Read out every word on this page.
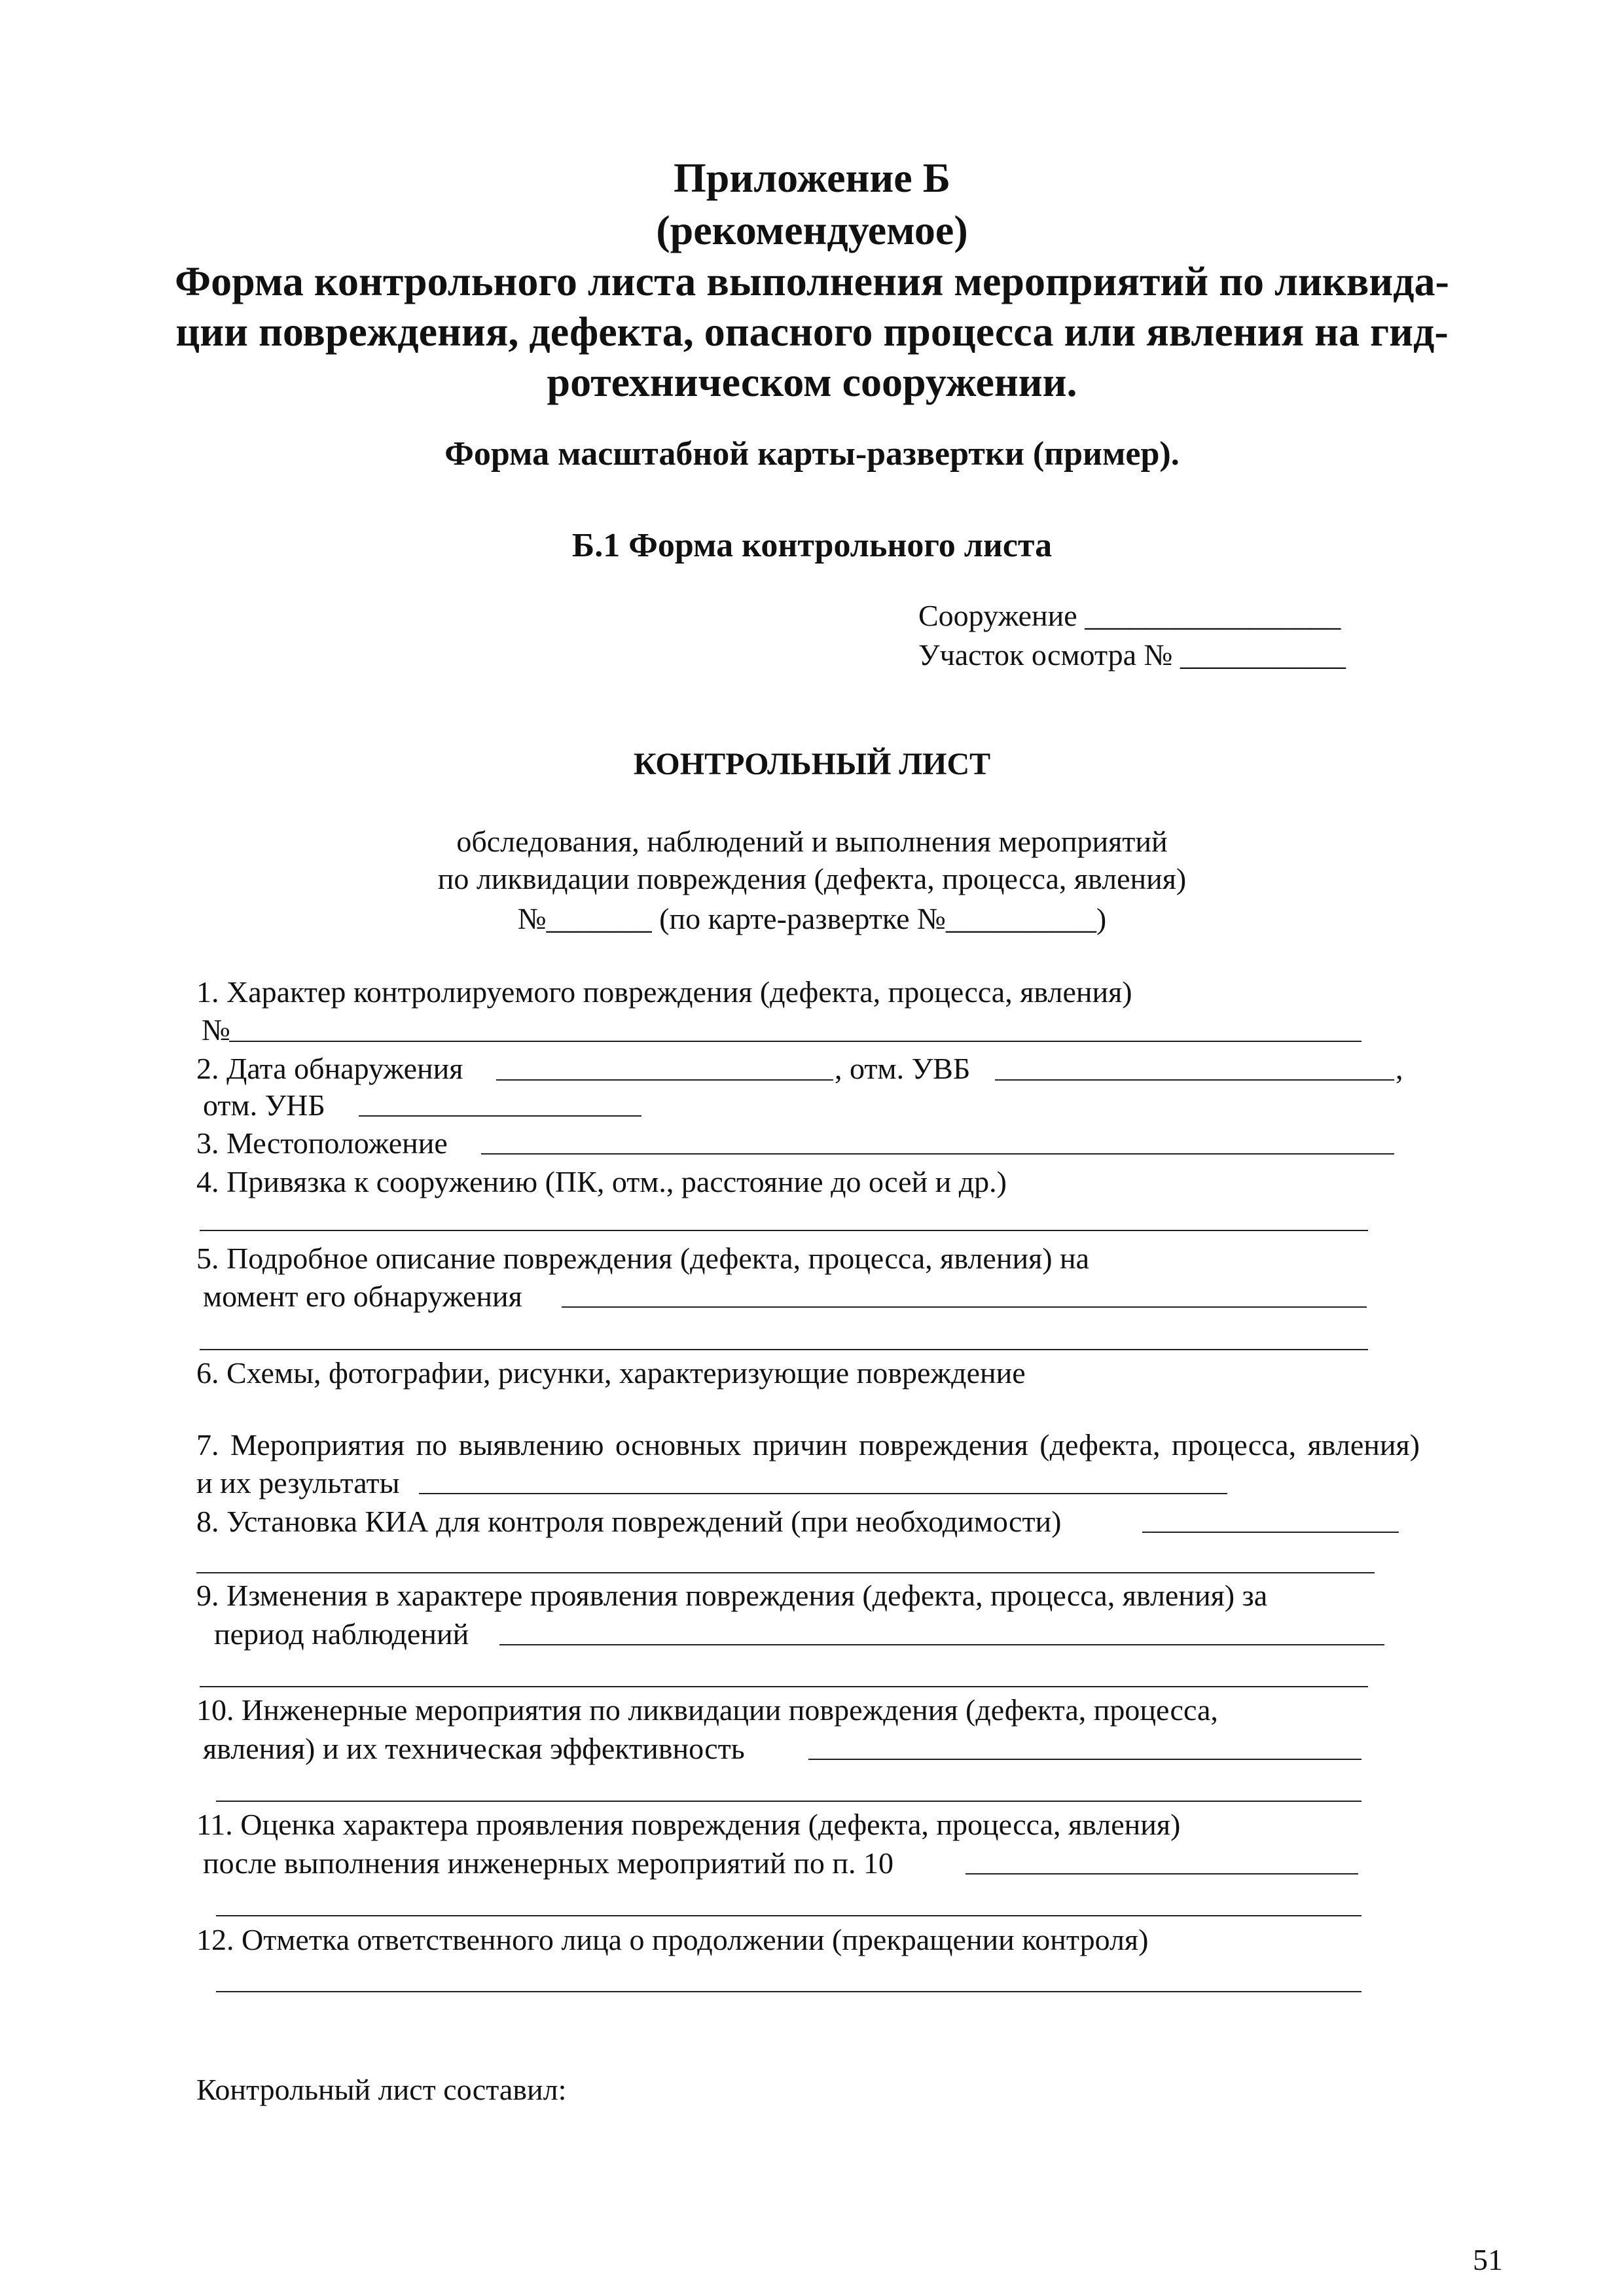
Приложение Б
(рекомендуемое)
Форма контрольного листа выполнения мероприятий по ликвида-
ции повреждения, дефекта, опасного процесса или явления на гид-
ротехническом сооружении.
Форма масштабной карты-развертки (пример).
Б.1 Форма контрольного листа
Сооружение _________________
Участок осмотра № ___________
КОНТРОЛЬНЫЙ ЛИСТ
обследования, наблюдений и выполнения мероприятий
по ликвидации повреждения (дефекта, процесса, явления)
№_______ (по карте-развертке №__________)
1. Характер контролируемого повреждения (дефекта, процесса, явления)
№
2. Дата обнаружения	, отм. УВБ	,
отм. УНБ
3. Местоположение
4. Привязка к сооружению (ПК, отм., расстояние до осей и др.)
5. Подробное описание повреждения (дефекта, процесса, явления) на
момент его обнаружения
6. Схемы, фотографии, рисунки, характеризующие повреждение
7. Мероприятия по выявлению основных причин повреждения (дефекта, процесса, явления)
и их результаты
8. Установка КИА для контроля повреждений (при необходимости)
9. Изменения в характере проявления повреждения (дефекта, процесса, явления) за
период наблюдений
10. Инженерные мероприятия по ликвидации повреждения (дефекта, процесса,
явления) и их техническая эффективность
11. Оценка характера проявления повреждения (дефекта, процесса, явления)
после выполнения инженерных мероприятий по п. 10
12. Отметка ответственного лица о продолжении (прекращении контроля)
Контрольный лист составил:
51
